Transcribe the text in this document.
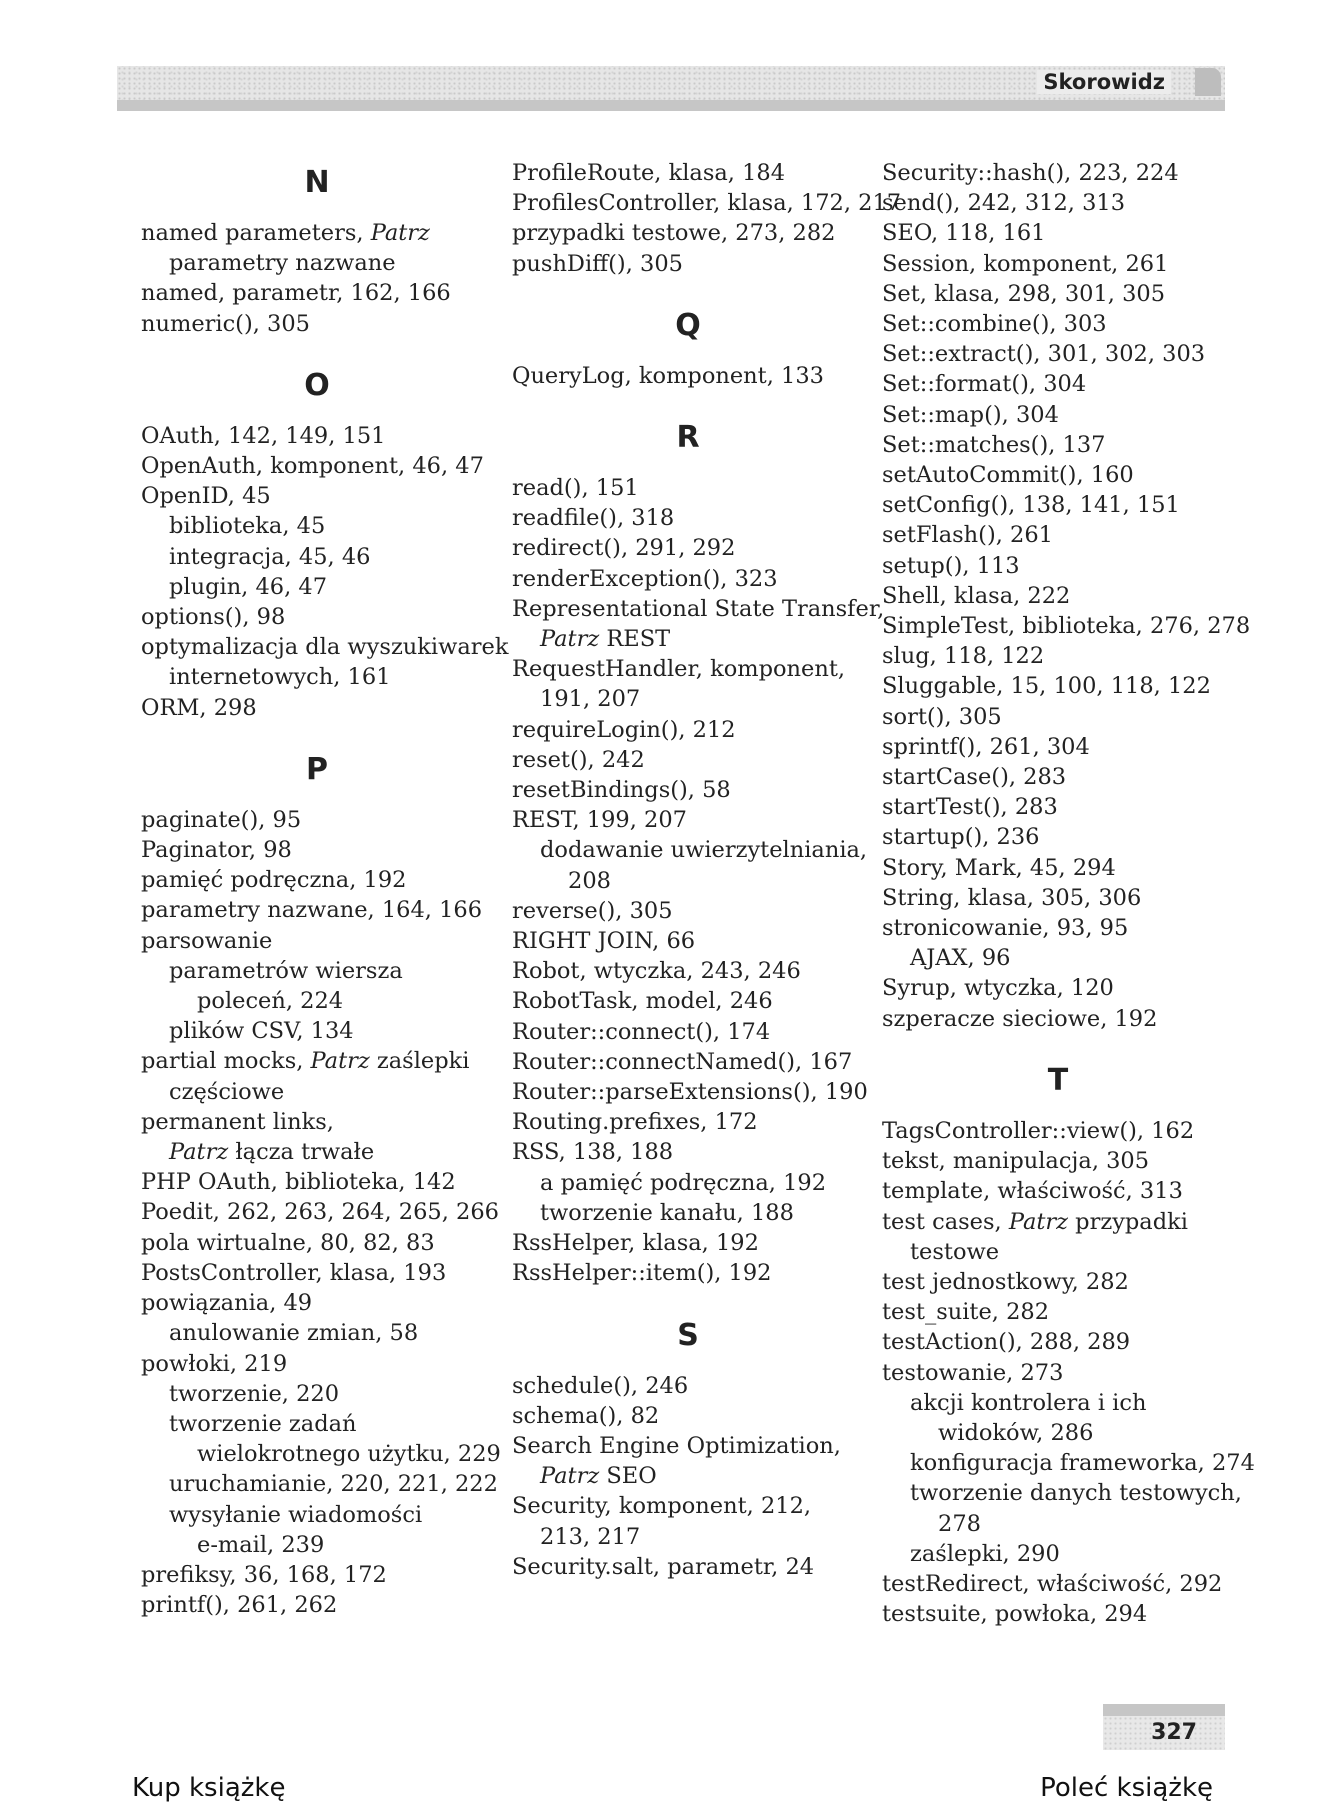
Skorowidz
N
named parameters, Patrz
parametry nazwane
named, parametr, 162, 166
numeric(), 305
O
OAuth, 142, 149, 151
OpenAuth, komponent, 46, 47
OpenID, 45
biblioteka, 45
integracja, 45, 46
plugin, 46, 47
options(), 98
optymalizacja dla wyszukiwarek
internetowych, 161
ORM, 298
P
paginate(), 95
Paginator, 98
pamięć podręczna, 192
parametry nazwane, 164, 166
parsowanie
parametrów wiersza
poleceń, 224
plików CSV, 134
partial mocks, Patrz zaślepki
częściowe
permanent links,
Patrz łącza trwałe
PHP OAuth, biblioteka, 142
Poedit, 262, 263, 264, 265, 266
pola wirtualne, 80, 82, 83
PostsController, klasa, 193
powiązania, 49
anulowanie zmian, 58
powłoki, 219
tworzenie, 220
tworzenie zadań
wielokrotnego użytku, 229
uruchamianie, 220, 221, 222
wysyłanie wiadomości
e-mail, 239
prefiksy, 36, 168, 172
printf(), 261, 262
ProfileRoute, klasa, 184
ProfilesController, klasa, 172, 217
przypadki testowe, 273, 282
pushDiff(), 305
Q
QueryLog, komponent, 133
R
read(), 151
readfile(), 318
redirect(), 291, 292
renderException(), 323
Representational State Transfer,
Patrz REST
RequestHandler, komponent,
191, 207
requireLogin(), 212
reset(), 242
resetBindings(), 58
REST, 199, 207
dodawanie uwierzytelniania,
208
reverse(), 305
RIGHT JOIN, 66
Robot, wtyczka, 243, 246
RobotTask, model, 246
Router::connect(), 174
Router::connectNamed(), 167
Router::parseExtensions(), 190
Routing.prefixes, 172
RSS, 138, 188
a pamięć podręczna, 192
tworzenie kanału, 188
RssHelper, klasa, 192
RssHelper::item(), 192
S
schedule(), 246
schema(), 82
Search Engine Optimization,
Patrz SEO
Security, komponent, 212,
213, 217
Security.salt, parametr, 24
Security::hash(), 223, 224
send(), 242, 312, 313
SEO, 118, 161
Session, komponent, 261
Set, klasa, 298, 301, 305
Set::combine(), 303
Set::extract(), 301, 302, 303
Set::format(), 304
Set::map(), 304
Set::matches(), 137
setAutoCommit(), 160
setConfig(), 138, 141, 151
setFlash(), 261
setup(), 113
Shell, klasa, 222
SimpleTest, biblioteka, 276, 278
slug, 118, 122
Sluggable, 15, 100, 118, 122
sort(), 305
sprintf(), 261, 304
startCase(), 283
startTest(), 283
startup(), 236
Story, Mark, 45, 294
String, klasa, 305, 306
stronicowanie, 93, 95
AJAX, 96
Syrup, wtyczka, 120
szperacze sieciowe, 192
T
TagsController::view(), 162
tekst, manipulacja, 305
template, właściwość, 313
test cases, Patrz przypadki
testowe
test jednostkowy, 282
test_suite, 282
testAction(), 288, 289
testowanie, 273
akcji kontrolera i ich
widoków, 286
konfiguracja frameworka, 274
tworzenie danych testowych,
278
zaślepki, 290
testRedirect, właściwość, 292
testsuite, powłoka, 294
327
Kup książkę	Poleć książkę
